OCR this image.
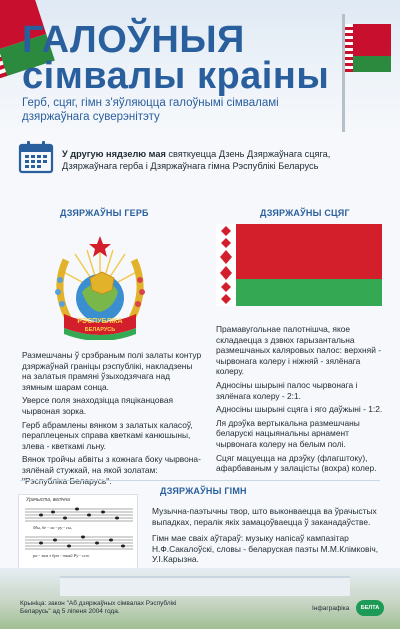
ГАЛОЎНЫЯ
сімвалы краіны
Герб, сцяг, гімн з'яўляюцца галоўнымі сімваламі дзяржаўнага суверэнітэту
У другую нядзелю мая святкуецца Дзень Дзяржаўнага сцяга, Дзяржаўнага герба і Дзяржаўнага гімна Рэспублікі Беларусь
ДЗЯРЖАЎНЫ ГЕРБ
РЭСПУБЛІКА
БЕЛАРУСЬ

Размешчаны ў срэбраным полі залаты контур дзяржаўнай граніцы рэспублікі, накладзены на залатыя прамяні ўзыходзячага над зямным шарам сонца.

Уверсе поля знаходзіцца пяціканцовая чырвоная зорка.

Герб абрамлены вянком з залатых каласоў, пераплеценых справа кветкамі канюшыны, злева - кветкамі льну.

Вянок тройчы абвіты з кожнага боку чырвона-зялёнай стужкай, на якой золатам:

ДЗЯРЖАЎНЫ СЦЯГ

Прамавугольнае палотнішча, якое складаецца з дзвюх гарызантальна размешчаных каляровых палос: верхняй - чырвонага колеру і ніжняй - зялёнага колеру.

Адносіны шырыні палос чырвонага і зялёнага колеру - 2:1.

Адносіны шырыні сцяга і яго даўжыні - 1:2.

Ля дрэўка вертыкальна размешчаны беларускі нацыянальны арнамент чырвонага колеру на белым полі.

Сцяг мацуецца на дрэўку (флагштоку), афарбаваным у залацісты (вохра) колер.

ДЗЯРЖАЎНЫ ГІМН
Мы, бе - ла - ру - сы,
ра - зам з бра - тняй Ру - ссю
Урачыста, велічна

Музычна-паэтычны твор, што выконваецца ва ўрачыстых выпадках, пералік якіх замацоўваецца ў заканадаўстве.

Гімн мае сваіх аўтараў: музыку напісаў кампазітар Н.Ф.Сакалоўскі, словы - беларуская паэты М.М.Клімковіч, У.І.Карызна.

Крыніца: закон "Аб дзяржаўных сімвалах Рэспублікі Беларусь" ад 5 ліпеня 2004 года.	Інфаграфіка	БЕЛТА
